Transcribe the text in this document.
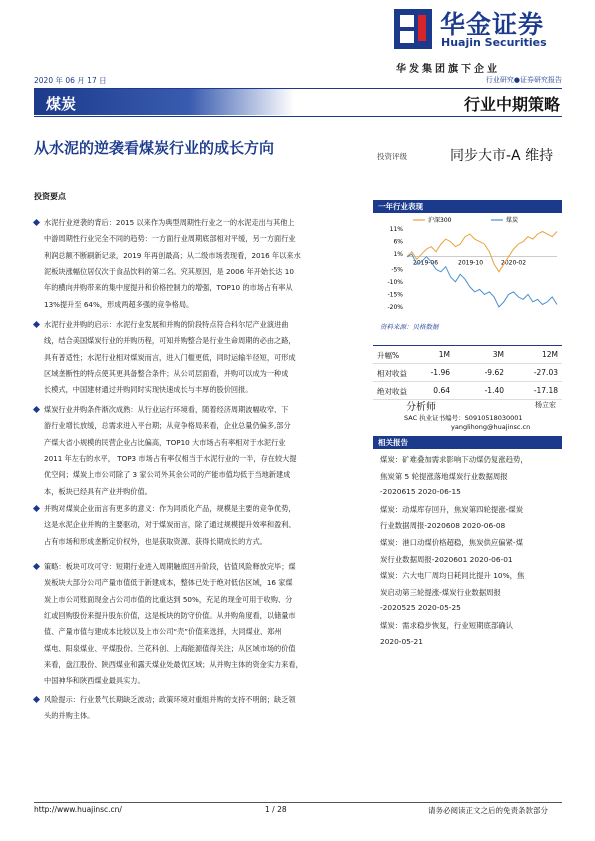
华金证券
Huajin Securities
华发集团旗下企业
2020 年 06 月 17 日	行业研究●证券研究报告
煤炭	行业中期策略
从水泥的逆袭看煤炭行业的成长方向	投资评级	同步大市-A 维持
投资要点
水泥行业逆袭的背后：2015 以来作为典型周期性行业之一的水泥走出与其他上
中游周期性行业完全不同的趋势：一方面行业周期底部相对平缓，另一方面行业
利润总额不断刷新记录，2019 年再创最高；从二级市场表现看，2016 年以来水
泥板块涨幅位居仅次于食品饮料的第二名。究其原因，是 2006 年开始长达 10
年的横向并购带来的集中度提升和价格控制力的增强，TOP10 的市场占有率从
13%提升至 64%，形成两超多强的竞争格局。
水泥行业并购的启示：水泥行业发展和并购的阶段特点符合科尔尼产业演进曲
线，结合美国煤炭行业的并购历程，可知并购整合是行业生命周期的必由之路，
具有普适性；水泥行业相对煤炭而言，进入门槛更低，同时运输半径短，可形成
区域垄断性的特点使其更具备整合条件；从公司层面看，并购可以成为一种成
长模式，中国建材通过并购同时实现快速成长与丰厚的股价回报。
煤炭行业并购条件渐次成熟：从行业运行环境看，随着经济周期波幅收窄、下
游行业增长放缓，总需求进入平台期；从竞争格局来看，企业总量仍偏多,部分
产煤大省小规模的民营企业占比偏高，TOP10 大市场占有率相对于水泥行业
2011 年左右的水平， TOP3 市场占有率仅相当于水泥行业的一半，存在较大提
优空间；煤炭上市公司除了 3 家公司外其余公司的产能市值均低于当地新建成
本，板块已经具有产业并购价值。
并购对煤炭企业而言有更多的意义：作为同质化产品，规模是主要的竞争优势，
这是水泥企业并购的主要驱动，对于煤炭而言，除了通过规模提升效率和盈利、
占有市场和形成垄断定价权外，也是获取资源、获得长期成长的方式。
策略：板块可攻可守：短期行业进入周期触底回升阶段，估值风险释放完毕；煤
炭板块大部分公司产量市值低于新建成本，整体已处于绝对低估区域，16 家煤
炭上市公司账面现金占公司市值的比重达到 50%，充足的现金可用于收购、分
红或回购股份来提升股东价值，这是板块的防守价值。从并购角度看，以储量市
值、产量市值与建成本比较以及上市公司“壳”价值来选择，大同煤业、郑州
煤电、阳泉煤业、平煤股份、兰花科创、上海能源值得关注；从区域市场的价值
来看，盘江股份、陕西煤业和露天煤业处最优区域；从并购主体的资金实力来看，
中国神华和陕西煤业最具实力。
风险提示：行业景气长期缺乏波动；政策环境对重组并购的支持不明朗；缺乏领
头的并购主体。
一年行业表现
11%
6%
1%
-5%
-10%
-15%
-20%
2019-06	2019-10	2020-02
沪深300	煤炭
资料来源：贝格数据
升幅%	1M	3M	12M
相对收益	-1.96	-9.62	-27.03
绝对收益	0.64	-1.40	-17.18
分析师	杨立宏
SAC 执业证书编号：S0910518030001
yanglihong@huajinsc.cn
相关报告
煤炭：矿难叠加需求影响下动煤仍复涨趋势，
焦炭第 5 轮提涨落地煤炭行业数据周报
-2020615 2020-06-15
煤炭：动煤库存回升，焦炭第四轮提涨-煤炭
行业数据周报-2020608 2020-06-08
煤炭：港口动煤价格超稳，焦炭供应偏紧-煤
炭行业数据周报-2020601 2020-06-01
煤炭：六大电厂周均日耗同比提升 10%，焦
炭启动第三轮提涨-煤炭行业数据周报
-2020525 2020-05-25
煤炭：需求稳步恢复，行业短期底部确认
2020-05-21
http://www.huajinsc.cn/	1 / 28	请务必阅读正文之后的免责条款部分
